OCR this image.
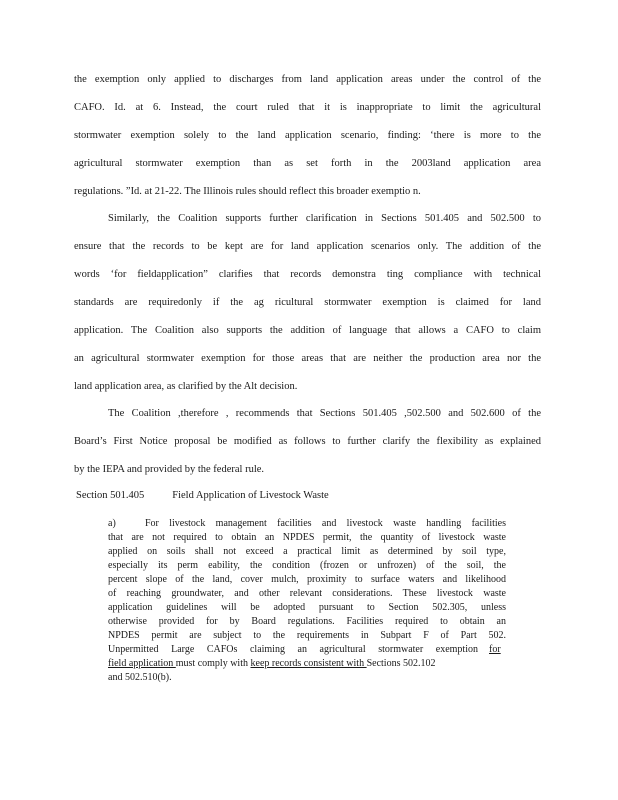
the exemption only applied to discharges from land application areas under the control of the
CAFO. Id. at 6. Instead, the court ruled that it is inappropriate to limit the agricultural
stormwater exemption solely to the land application scenario, finding: ‘there is more to the
agricultural stormwater exemption than as set forth in the 2003land application area
regulations. ”Id. at 21-22. The Illinois rules should reflect this broader exemptio n.
Similarly, the Coalition supports further clarification in Sections 501.405 and 502.500 to
ensure that the records to be kept are for land application scenarios only. The addition of the
words ‘for fieldapplication” clarifies that records demonstra ting compliance with technical
standards are requiredonly if the ag ricultural stormwater exemption is claimed for land
application. The Coalition also supports the addition of language that allows a CAFO to claim
an agricultural stormwater exemption for those areas that are neither the production area nor the
land application area, as clarified by the Alt decision.
The Coalition ,therefore , recommends that Sections 501.405 ,502.500 and 502.600 of the
Board’s First Notice proposal be modified as follows to further clarify the flexibility as explained
by the IEPA and provided by the federal rule.
Section 501.405	Field Application of Livestock Waste
a)	For livestock management facilities and livestock waste handling facilities
that are not required to obtain an NPDES permit, the quantity of livestock waste
applied on soils shall not exceed a practical limit as determined by soil type,
especially its perm eability, the condition (frozen or unfrozen) of the soil, the
percent slope of the land, cover mulch, proximity to surface waters and likelihood
of reaching groundwater, and other relevant considerations. These livestock waste
application guidelines will be adopted pursuant to Section 502.305, unless
otherwise provided for by Board regulations. Facilities required to obtain an
NPDES permit are subject to the requirements in Subpart F of Part 502.
Unpermitted Large CAFOs claiming an agricultural stormwater exemption for
field application must comply with keep records consistent with Sections 502.102
and 502.510(b).
